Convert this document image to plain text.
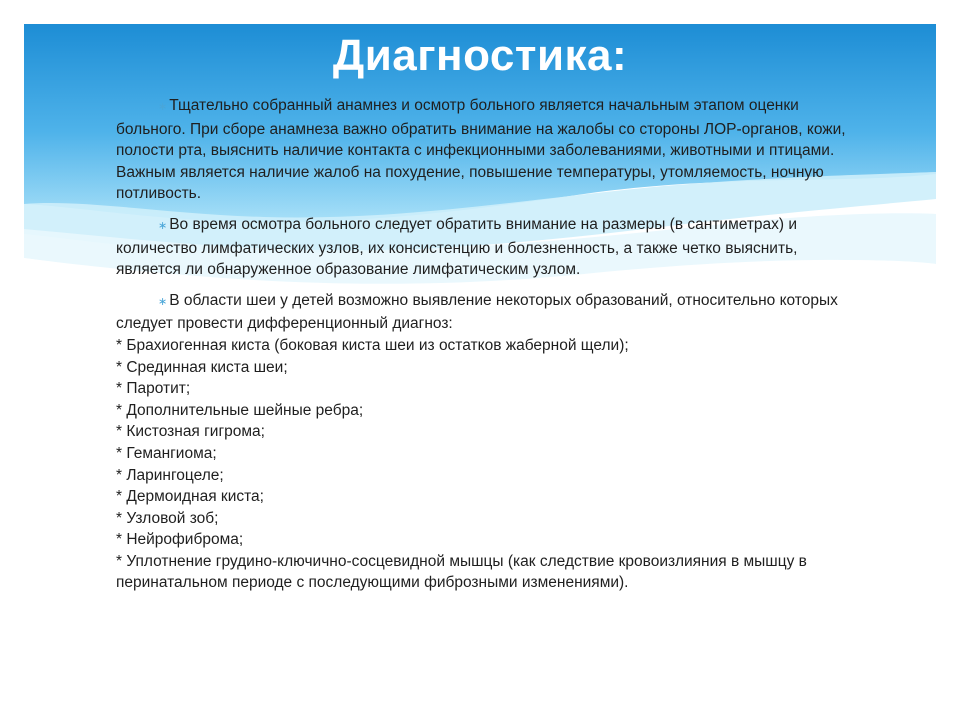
Диагностика:

∗ Тщательно собранный анамнез и осмотр больного является начальным этапом оценки больного. При сборе анамнеза важно обратить внимание на жалобы со стороны ЛОР-органов, кожи, полости рта, выяснить наличие контакта с инфекционными заболеваниями, животными и птицами. Важным является наличие жалоб на похудение, повышение температуры, утомляемость, ночную потливость.

∗ Во время осмотра больного следует обратить внимание на размеры (в сантиметрах) и количество лимфатических узлов, их консистенцию и болезненность, а также четко выяснить, является ли обнаруженное образование лимфатическим узлом.

∗ В области шеи у детей возможно выявление некоторых образований, относительно которых следует провести дифференционный диагноз:

* Брахиогенная киста (боковая киста шеи из остатков жаберной щели);
* Срединная киста шеи;
* Паротит;
* Дополнительные шейные ребра;
* Кистозная гигрома;
* Гемангиома;
* Ларингоцеле;
* Дермоидная киста;
* Узловой зоб;
* Нейрофиброма;
* Уплотнение грудино-ключично-сосцевидной мышцы (как следствие кровоизлияния в мышцу в перинатальном периоде с последующими фиброзными изменениями).
